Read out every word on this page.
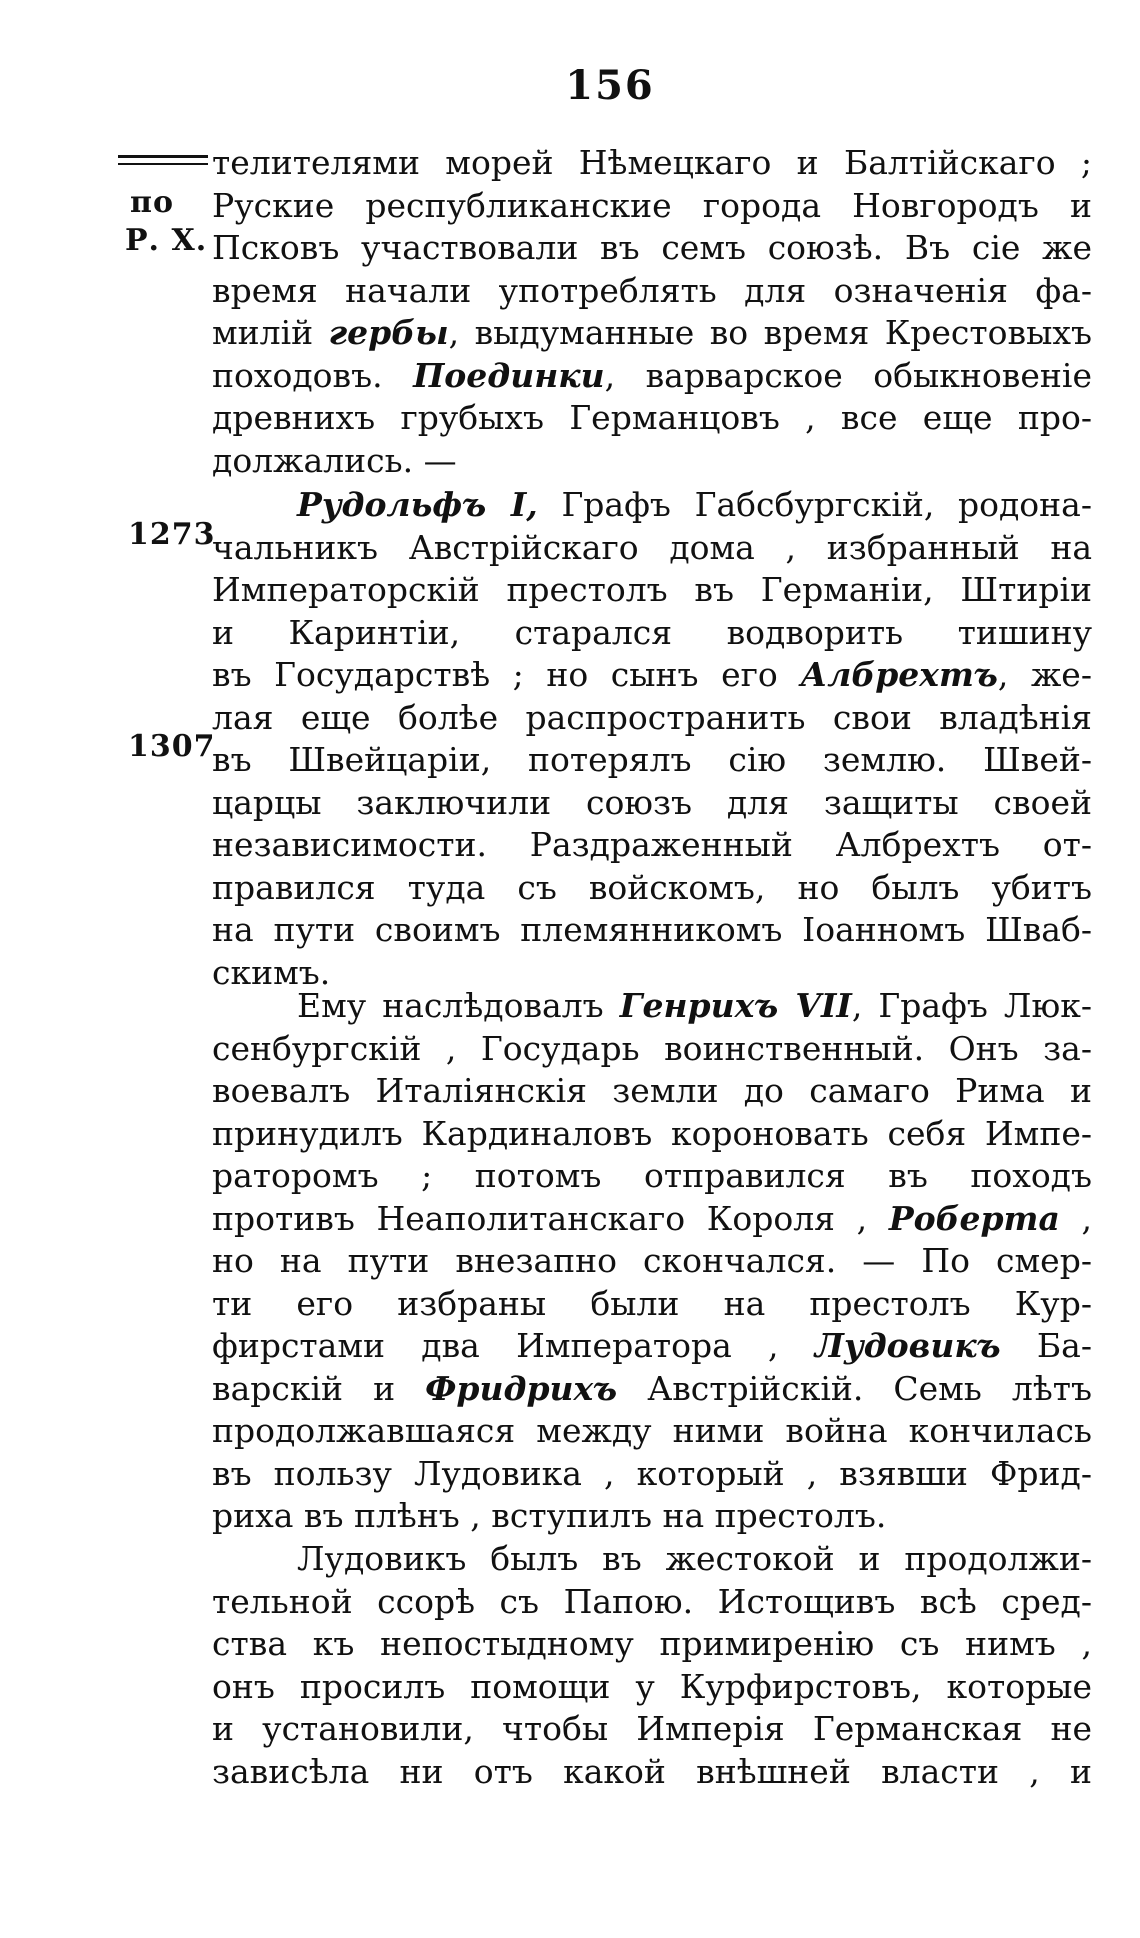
156
по
Р. Х.
1273
1307
телителями морей Нѣмецкаго и Балтійскаго ;
Руские республиканские города Новгородъ и
Псковъ участвовали въ семъ союзѣ. Въ сіе же
время начали употреблять для означенія фа-
милій гербы, выдуманные во время Крестовыхъ
походовъ. Поединки, варварское обыкновеніе
древнихъ грубыхъ Германцовъ , все еще про-
должались. —
Рудольфъ I, Графъ Габсбургскій, родона-
чальникъ Австрійскаго дома , избранный на
Императорскій престолъ въ Германіи, Штиріи
и Каринтіи, старался водворить тишину
въ Государствѣ ; но сынъ его Албрехтъ, же-
лая еще болѣе распространить свои владѣнія
въ Швейцаріи, потерялъ сію землю. Швей-
царцы заключили союзъ для защиты своей
независимости. Раздраженный Албрехтъ от-
правился туда съ войскомъ, но былъ убитъ
на пути своимъ племянникомъ Іоанномъ Шваб-
скимъ.
Ему наслѣдовалъ Генрихъ VII, Графъ Люк-
сенбургскій , Государь воинственный. Онъ за-
воевалъ Италіянскія земли до самаго Рима и
принудилъ Кардиналовъ короновать себя Импе-
раторомъ ; потомъ отправился въ походъ
противъ Неаполитанскаго Короля , Роберта ,
но на пути внезапно скончался. — По смер-
ти его избраны были на престолъ Кур-
фирстами два Императора , Лудовикъ Ба-
варскій и Фридрихъ Австрійскій. Семь лѣтъ
продолжавшаяся между ними война кончилась
въ пользу Лудовика , который , взявши Фрид-
риха въ плѣнъ , вступилъ на престолъ.
Лудовикъ былъ въ жестокой и продолжи-
тельной ссорѣ съ Папою. Истощивъ всѣ сред-
ства къ непостыдному примиренію съ нимъ ,
онъ просилъ помощи у Курфирстовъ, которые
и установили, чтобы Имперія Германская не
зависѣла ни отъ какой внѣшней власти , и
